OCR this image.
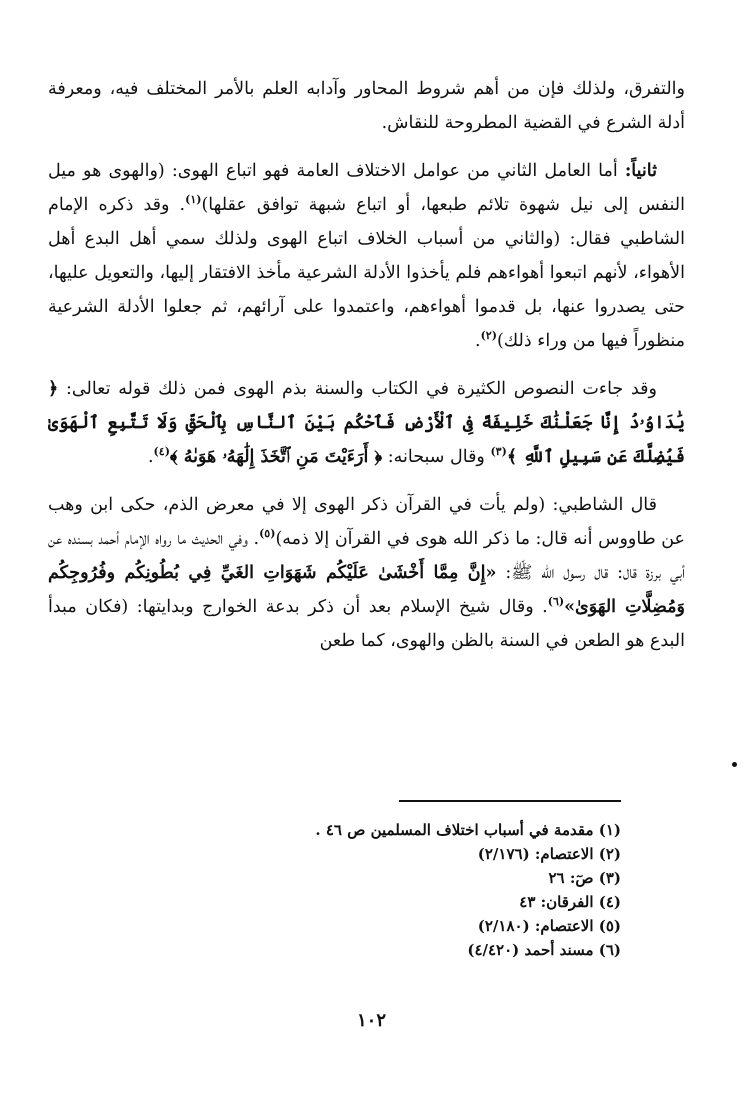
والتفرق، ولذلك فإن من أهم شروط المحاور وآدابه العلم بالأمر المختلف فيه، ومعرفة أدلة الشرع في القضية المطروحة للنقاش.

ثانياً: أما العامل الثاني من عوامل الاختلاف العامة فهو اتباع الهوى: (والهوى هو ميل النفس إلى نيل شهوة تلائم طبعها، أو اتباع شبهة توافق عقلها)$^{(١)}$. وقد ذكره الإمام الشاطبي فقال: (والثاني من أسباب الخلاف اتباع الهوى ولذلك سمي أهل البدع أهل الأهواء، لأنهم اتبعوا أهواءهم فلم يأخذوا الأدلة الشرعية مأخذ الافتقار إليها، والتعويل عليها، حتى يصدروا عنها، بل قدموا أهواءهم، واعتمدوا على آرائهم، ثم جعلوا الأدلة الشرعية منظوراً فيها من وراء ذلك)$^{(٢)}$.

وقد جاءت النصوص الكثيرة في الكتاب والسنة بذم الهوى فمن ذلك قوله تعالى: ﴿ يَٰدَاوُۥدُ إِنَّا جَعَلْنَٰكَ خَلِيفَةً فِى ٱلْأَرْضِ فَٱحْكُم بَيْنَ ٱلنَّاسِ بِٱلْحَقِّ وَلَا تَتَّبِعِ ٱلْهَوَىٰ فَيُضِلَّكَ عَن سَبِيلِ ٱللَّهِ ﴾$^{(٣)}$ وقال سبحانه: ﴿ أَرَءَيْتَ مَنِ ٱتَّخَذَ إِلَٰهَهُۥ هَوَىٰهُ ﴾$^{(٤)}$.

قال الشاطبي: (ولم يأت في القرآن ذكر الهوى إلا في معرض الذم، حكى ابن وهب عن طاووس أنه قال: ما ذكر الله هوى في القرآن إلا ذمه)$^{(٥)}$. وفي الحديث ما رواه الإمام أحمد بسنده عن أبي برزة قال: قال رسول الله ﷺ: «إِنَّ مِمَّا أَخْشَىٰ عَلَيْكُم شَهَوَاتِ الغَيِّ فِي بُطُونِكُم وفُرُوجِكُم وَمُضِلَّاتِ الهَوَىٰ»$^{(٦)}$. وقال شيخ الإسلام بعد أن ذكر بدعة الخوارج وبدايتها: (فكان مبدأ البدع هو الطعن في السنة بالظن والهوى، كما طعن

(١) مقدمة في أسباب اختلاف المسلمين ص ٤٦ .
(٢) الاعتصام: (٢/١٧٦)
(٣) صٓ: ٢٦
(٤) الفرقان: ٤٣
(٥) الاعتصام: (٢/١٨٠)
(٦) مسند أحمد (٤/٤٢٠)
١٠٢
